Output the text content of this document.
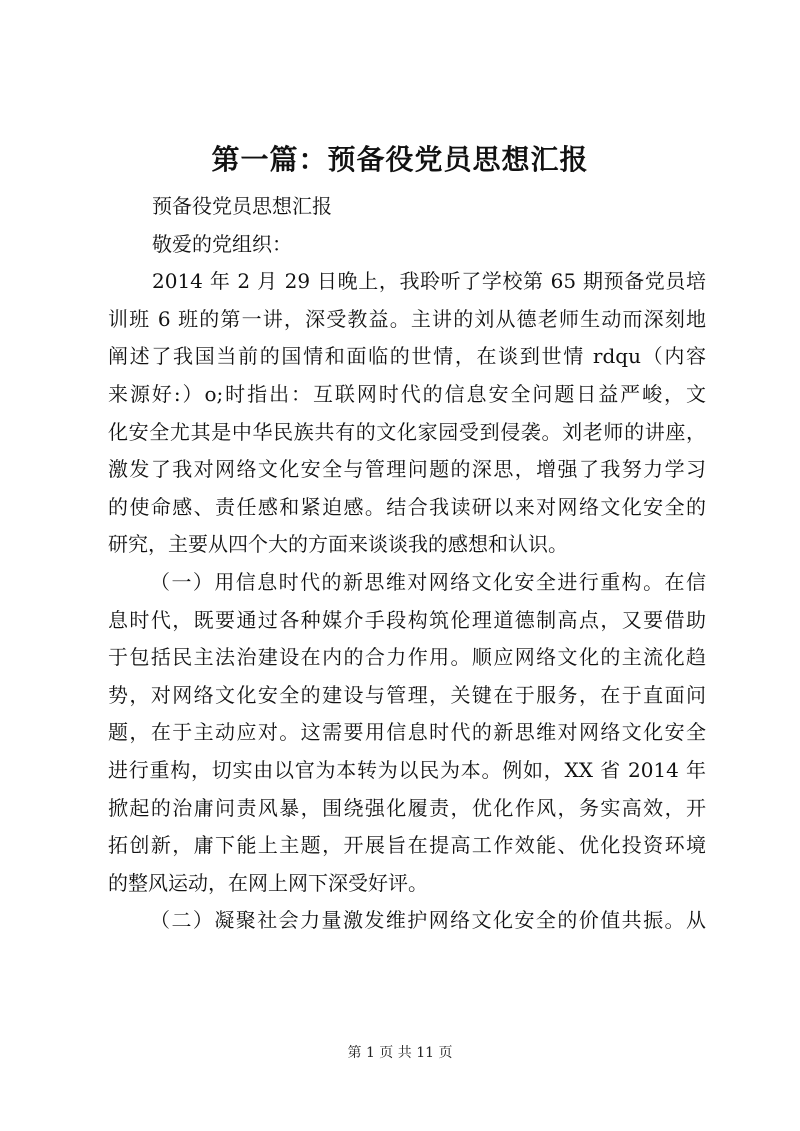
第一篇：预备役党员思想汇报
预备役党员思想汇报
敬爱的党组织：
2014 年 2 月 29 日晚上，我聆听了学校第 65 期预备党员培
训班 6 班的第一讲，深受教益。主讲的刘从德老师生动而深刻地
阐述了我国当前的国情和面临的世情，在谈到世情 rdqu（内容
来源好:）o;时指出：互联网时代的信息安全问题日益严峻，文
化安全尤其是中华民族共有的文化家园受到侵袭。刘老师的讲座，
激发了我对网络文化安全与管理问题的深思，增强了我努力学习
的使命感、责任感和紧迫感。结合我读研以来对网络文化安全的
研究，主要从四个大的方面来谈谈我的感想和认识。
（一）用信息时代的新思维对网络文化安全进行重构。在信
息时代，既要通过各种媒介手段构筑伦理道德制高点，又要借助
于包括民主法治建设在内的合力作用。顺应网络文化的主流化趋
势，对网络文化安全的建设与管理，关键在于服务，在于直面问
题，在于主动应对。这需要用信息时代的新思维对网络文化安全
进行重构，切实由以官为本转为以民为本。例如，XX 省 2014 年
掀起的治庸问责风暴，围绕强化履责，优化作风，务实高效，开
拓创新，庸下能上主题，开展旨在提高工作效能、优化投资环境
的整风运动，在网上网下深受好评。
（二）凝聚社会力量激发维护网络文化安全的价值共振。从
第 1 页 共 11 页
